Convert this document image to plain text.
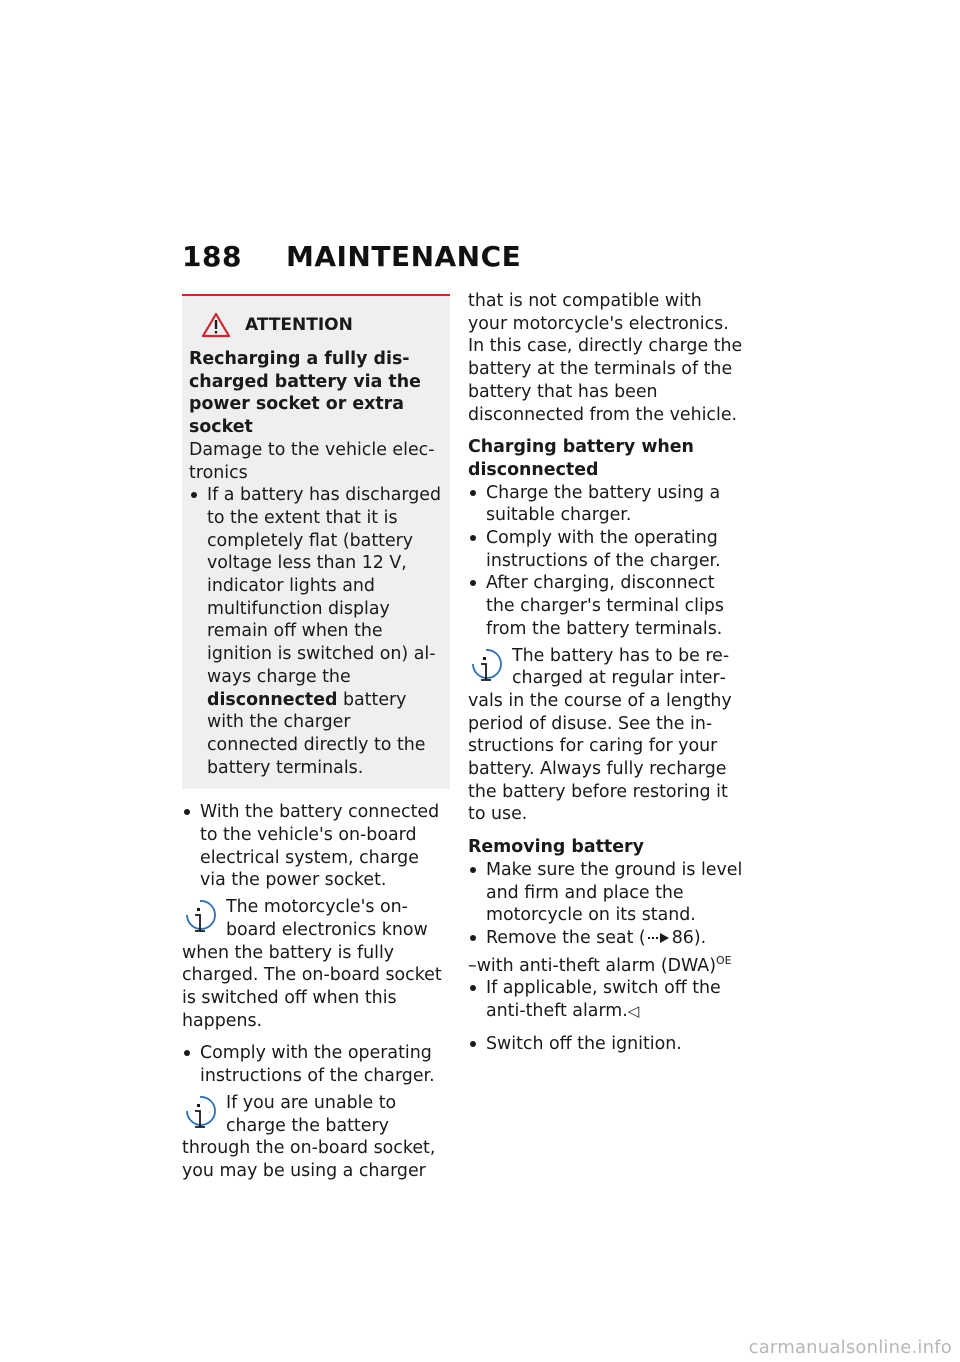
188 MAINTENANCE
ATTENTION

Recharging a fully discharged battery via the power socket or extra socket

Damage to the vehicle electronics

If a battery has discharged to the extent that it is completely flat (battery voltage less than 12 V, indicator lights and multifunction display remain off when the ignition is switched on) always charge the disconnected battery with the charger connected directly to the battery terminals.
With the battery connected to the vehicle's on-board electrical system, charge via the power socket.

The motorcycle's on-board electronics know when the battery is fully charged. The on-board socket is switched off when this happens.

Comply with the operating instructions of the charger.

If you are unable to charge the battery through the on-board socket, you may be using a charger

that is not compatible with your motorcycle's electronics. In this case, directly charge the battery at the terminals of the battery that has been disconnected from the vehicle.

Charging battery when disconnected

Charge the battery using a suitable charger.
Comply with the operating instructions of the charger.
After charging, disconnect the charger's terminal clips from the battery terminals.

The battery has to be recharged at regular intervals in the course of a lengthy period of disuse. See the instructions for caring for your battery. Always fully recharge the battery before restoring it to use.

Removing battery

Make sure the ground is level and firm and place the motorcycle on its stand.
Remove the seat ( 86).

–with anti-theft alarm (DWA)$^{OE}$

If applicable, switch off the anti-theft alarm.◁
Switch off the ignition.
carmanualsonline.info
